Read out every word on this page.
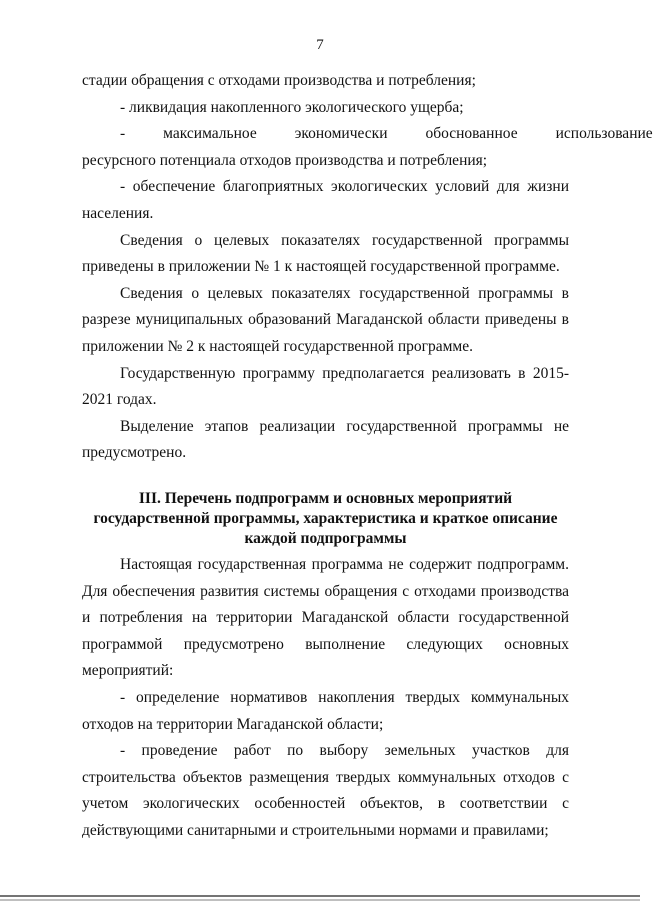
7

стадии обращения с отходами производства и потребления;

- ликвидация накопленного экологического ущерба;

-	максимальное	экономически	обоснованное	использование

ресурсного потенциала отходов производства и потребления;

- обеспечение благоприятных экологических условий для жизни населения.

Сведения о целевых показателях государственной программы приведены в приложении № 1 к настоящей государственной программе.

Сведения о целевых показателях государственной программы в разрезе муниципальных образований Магаданской области приведены в приложении № 2 к настоящей государственной программе.

Государственную программу предполагается реализовать в 2015-2021 годах.

Выделение этапов реализации государственной программы не предусмотрено.

III. Перечень подпрограмм и основных мероприятий
государственной программы, характеристика и краткое описание
каждой подпрограммы

Настоящая государственная программа не содержит подпрограмм. Для обеспечения развития системы обращения с отходами производства и потребления на территории Магаданской области государственной программой предусмотрено выполнение следующих основных мероприятий:

- определение нормативов накопления твердых коммунальных отходов на территории Магаданской области;

- проведение работ по выбору земельных участков для строительства объектов размещения твердых коммунальных отходов с учетом экологических особенностей объектов, в соответствии с действующими санитарными и строительными нормами и правилами;
